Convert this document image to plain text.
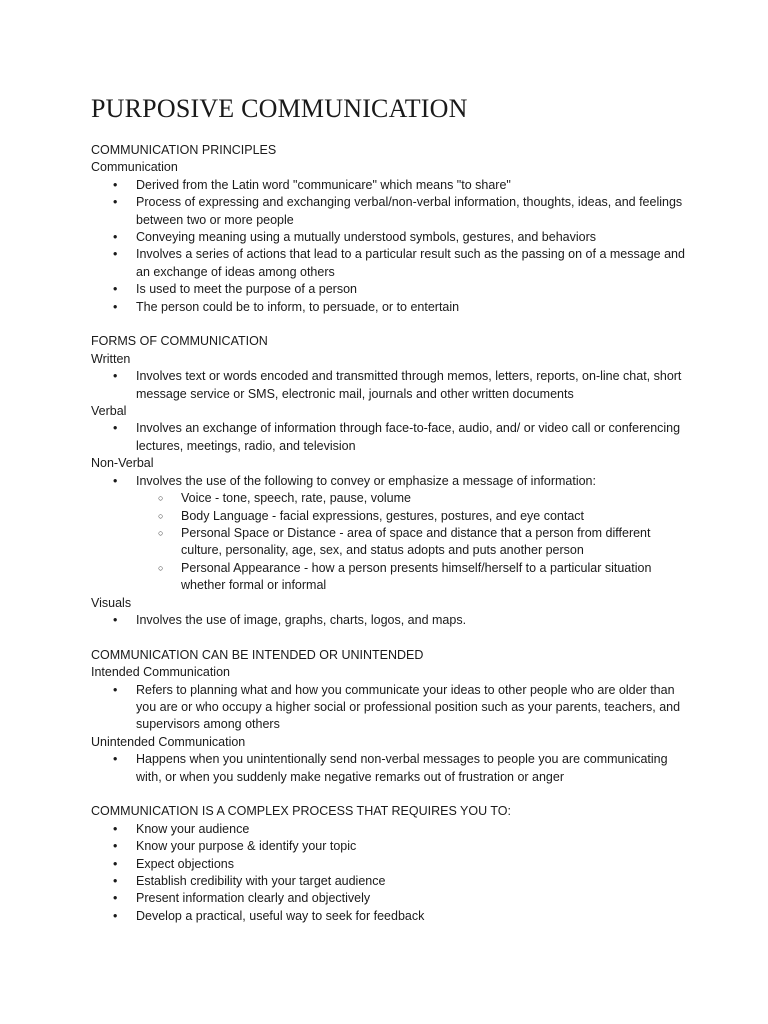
PURPOSIVE COMMUNICATION

COMMUNICATION PRINCIPLES

Communication

• Derived from the Latin word "communicare" which means "to share"
• Process of expressing and exchanging verbal/non-verbal information, thoughts, ideas, and feelings between two or more people
• Conveying meaning using a mutually understood symbols, gestures, and behaviors
• Involves a series of actions that lead to a particular result such as the passing on of a message and an exchange of ideas among others
• Is used to meet the purpose of a person
• The person could be to inform, to persuade, or to entertain

FORMS OF COMMUNICATION

Written

• Involves text or words encoded and transmitted through memos, letters, reports, on-line chat, short message service or SMS, electronic mail, journals and other written documents

Verbal

• Involves an exchange of information through face-to-face, audio, and/ or video call or conferencing lectures, meetings, radio, and television

Non-Verbal

• Involves the use of the following to convey or emphasize a message of information:
○ Voice - tone, speech, rate, pause, volume
○ Body Language - facial expressions, gestures, postures, and eye contact
○ Personal Space or Distance - area of space and distance that a person from different culture, personality, age, sex, and status adopts and puts another person
○ Personal Appearance - how a person presents himself/herself to a particular situation whether formal or informal

Visuals

• Involves the use of image, graphs, charts, logos, and maps.

COMMUNICATION CAN BE INTENDED OR UNINTENDED

Intended Communication

• Refers to planning what and how you communicate your ideas to other people who are older than you are or who occupy a higher social or professional position such as your parents, teachers, and supervisors among others

Unintended Communication

• Happens when you unintentionally send non-verbal messages to people you are communicating with, or when you suddenly make negative remarks out of frustration or anger

COMMUNICATION IS A COMPLEX PROCESS THAT REQUIRES YOU TO:

• Know your audience
• Know your purpose & identify your topic
• Expect objections
• Establish credibility with your target audience
• Present information clearly and objectively
• Develop a practical, useful way to seek for feedback
